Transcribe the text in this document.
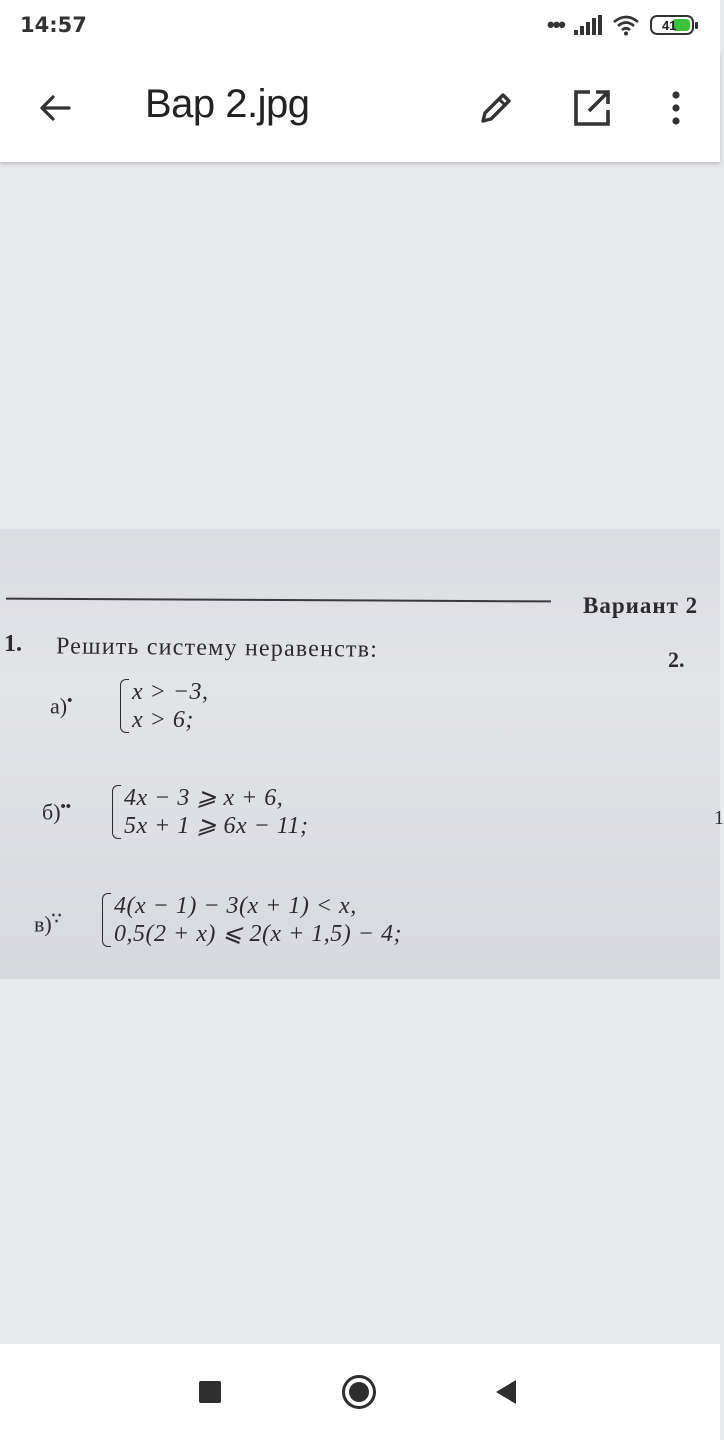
14:57	•••	41
Вар 2.jpg
Вариант 2
1. Решить систему неравенств:	2.
а)• x > −3,
x > 6;
б)•• 4x − 3 ⩾ x + 6,
5x + 1 ⩾ 6x − 11;
в)∵ 4(x − 1) − 3(x + 1) < x,
0,5(2 + x) ⩽ 2(x + 1,5) − 4;
1
